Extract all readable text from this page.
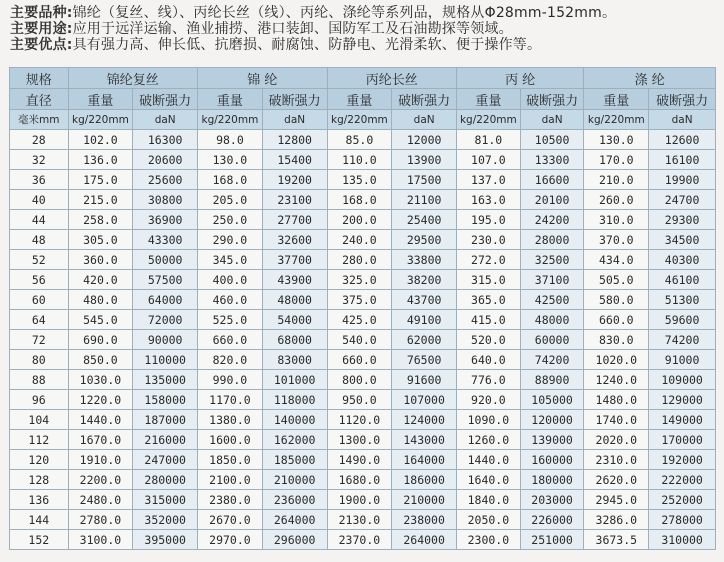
主要品种:锦纶（复丝、线）、丙纶长丝（线）、丙纶、涤纶等系列品，规格从Φ28mm-152mm。
主要用途:应用于远洋运输、渔业捕捞、港口装卸、国防军工及石油勘探等领域。
主要优点:具有强力高、伸长低、抗磨损、耐腐蚀、防静电、光滑柔软、便于操作等。
规格	锦纶复丝		锦 纶		丙纶长丝		丙 纶		涤 纶	
直径	重量	破断强力	重量	破断强力	重量	破断强力	重量	破断强力	重量	破断强力
毫米mm	kg/220mm	daN	kg/220mm	daN	kg/220mm	daN	kg/220mm	daN	kg/220mm	daN
28	102.0	16300	98.0	12800	85.0	12000	81.0	10500	130.0	12600
32	136.0	20600	130.0	15400	110.0	13900	107.0	13300	170.0	16100
36	175.0	25600	168.0	19200	135.0	17500	137.0	16600	210.0	19900
40	215.0	30800	205.0	23100	168.0	21100	163.0	20100	260.0	24700
44	258.0	36900	250.0	27700	200.0	25400	195.0	24200	310.0	29300
48	305.0	43300	290.0	32600	240.0	29500	230.0	28000	370.0	34500
52	360.0	50000	345.0	37700	280.0	33800	272.0	32500	434.0	40300
56	420.0	57500	400.0	43900	325.0	38200	315.0	37100	505.0	46100
60	480.0	64000	460.0	48000	375.0	43700	365.0	42500	580.0	51300
64	545.0	72000	525.0	54000	425.0	49100	415.0	48000	660.0	59600
72	690.0	90000	660.0	68000	540.0	62000	520.0	60000	830.0	74200
80	850.0	110000	820.0	83000	660.0	76500	640.0	74200	1020.0	91000
88	1030.0	135000	990.0	101000	800.0	91600	776.0	88900	1240.0	109000
96	1220.0	158000	1170.0	118000	950.0	107000	920.0	105000	1480.0	129000
104	1440.0	187000	1380.0	140000	1120.0	124000	1090.0	120000	1740.0	149000
112	1670.0	216000	1600.0	162000	1300.0	143000	1260.0	139000	2020.0	170000
120	1910.0	247000	1850.0	185000	1490.0	164000	1440.0	160000	2310.0	192000
128	2200.0	280000	2100.0	210000	1680.0	186000	1640.0	180000	2620.0	222000
136	2480.0	315000	2380.0	236000	1900.0	210000	1840.0	203000	2945.0	252000
144	2780.0	352000	2670.0	264000	2130.0	238000	2050.0	226000	3286.0	278000
152	3100.0	395000	2970.0	296000	2370.0	264000	2300.0	251000	3673.5	310000
